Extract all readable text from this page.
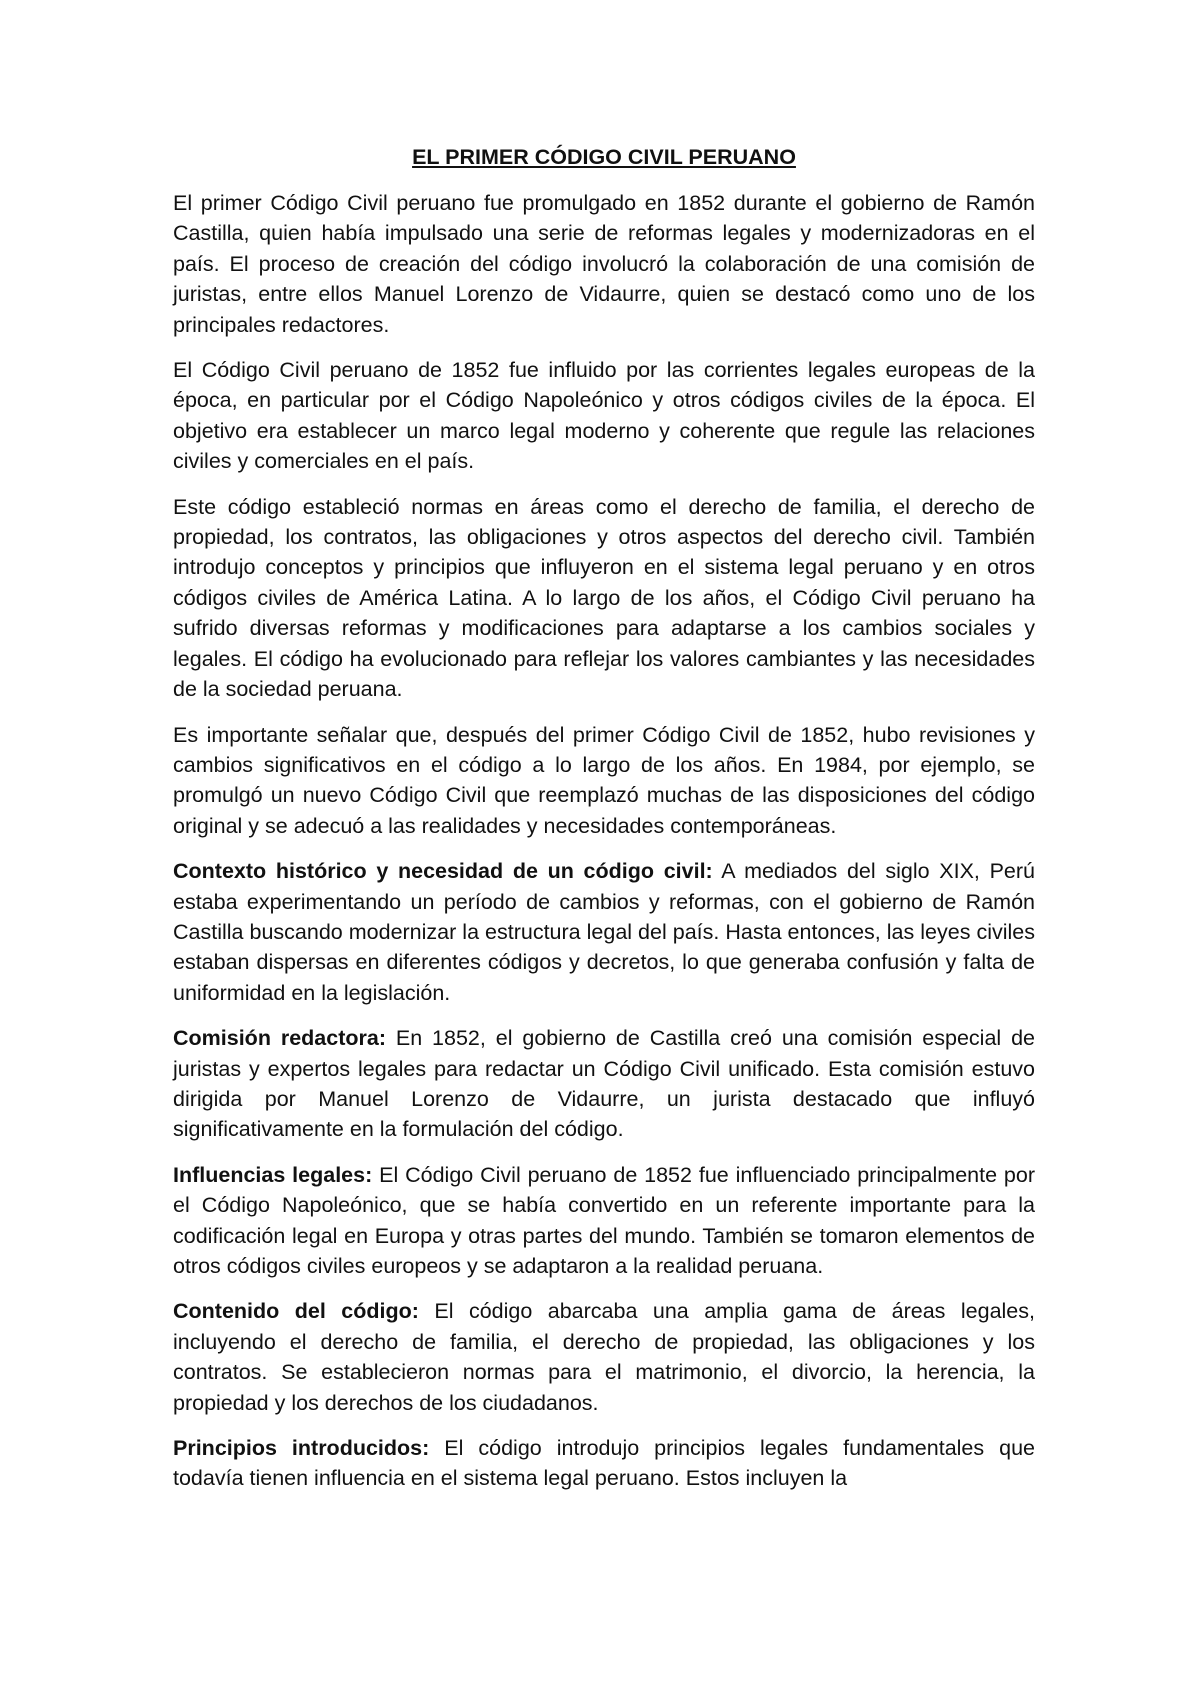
EL PRIMER CÓDIGO CIVIL PERUANO

El primer Código Civil peruano fue promulgado en 1852 durante el gobierno de Ramón Castilla, quien había impulsado una serie de reformas legales y modernizadoras en el país. El proceso de creación del código involucró la colaboración de una comisión de juristas, entre ellos Manuel Lorenzo de Vidaurre, quien se destacó como uno de los principales redactores.

El Código Civil peruano de 1852 fue influido por las corrientes legales europeas de la época, en particular por el Código Napoleónico y otros códigos civiles de la época. El objetivo era establecer un marco legal moderno y coherente que regule las relaciones civiles y comerciales en el país.

Este código estableció normas en áreas como el derecho de familia, el derecho de propiedad, los contratos, las obligaciones y otros aspectos del derecho civil. También introdujo conceptos y principios que influyeron en el sistema legal peruano y en otros códigos civiles de América Latina. A lo largo de los años, el Código Civil peruano ha sufrido diversas reformas y modificaciones para adaptarse a los cambios sociales y legales. El código ha evolucionado para reflejar los valores cambiantes y las necesidades de la sociedad peruana.

Es importante señalar que, después del primer Código Civil de 1852, hubo revisiones y cambios significativos en el código a lo largo de los años. En 1984, por ejemplo, se promulgó un nuevo Código Civil que reemplazó muchas de las disposiciones del código original y se adecuó a las realidades y necesidades contemporáneas.

Contexto histórico y necesidad de un código civil: A mediados del siglo XIX, Perú estaba experimentando un período de cambios y reformas, con el gobierno de Ramón Castilla buscando modernizar la estructura legal del país. Hasta entonces, las leyes civiles estaban dispersas en diferentes códigos y decretos, lo que generaba confusión y falta de uniformidad en la legislación.

Comisión redactora: En 1852, el gobierno de Castilla creó una comisión especial de juristas y expertos legales para redactar un Código Civil unificado. Esta comisión estuvo dirigida por Manuel Lorenzo de Vidaurre, un jurista destacado que influyó significativamente en la formulación del código.

Influencias legales: El Código Civil peruano de 1852 fue influenciado principalmente por el Código Napoleónico, que se había convertido en un referente importante para la codificación legal en Europa y otras partes del mundo. También se tomaron elementos de otros códigos civiles europeos y se adaptaron a la realidad peruana.

Contenido del código: El código abarcaba una amplia gama de áreas legales, incluyendo el derecho de familia, el derecho de propiedad, las obligaciones y los contratos. Se establecieron normas para el matrimonio, el divorcio, la herencia, la propiedad y los derechos de los ciudadanos.

Principios introducidos: El código introdujo principios legales fundamentales que todavía tienen influencia en el sistema legal peruano. Estos incluyen la
